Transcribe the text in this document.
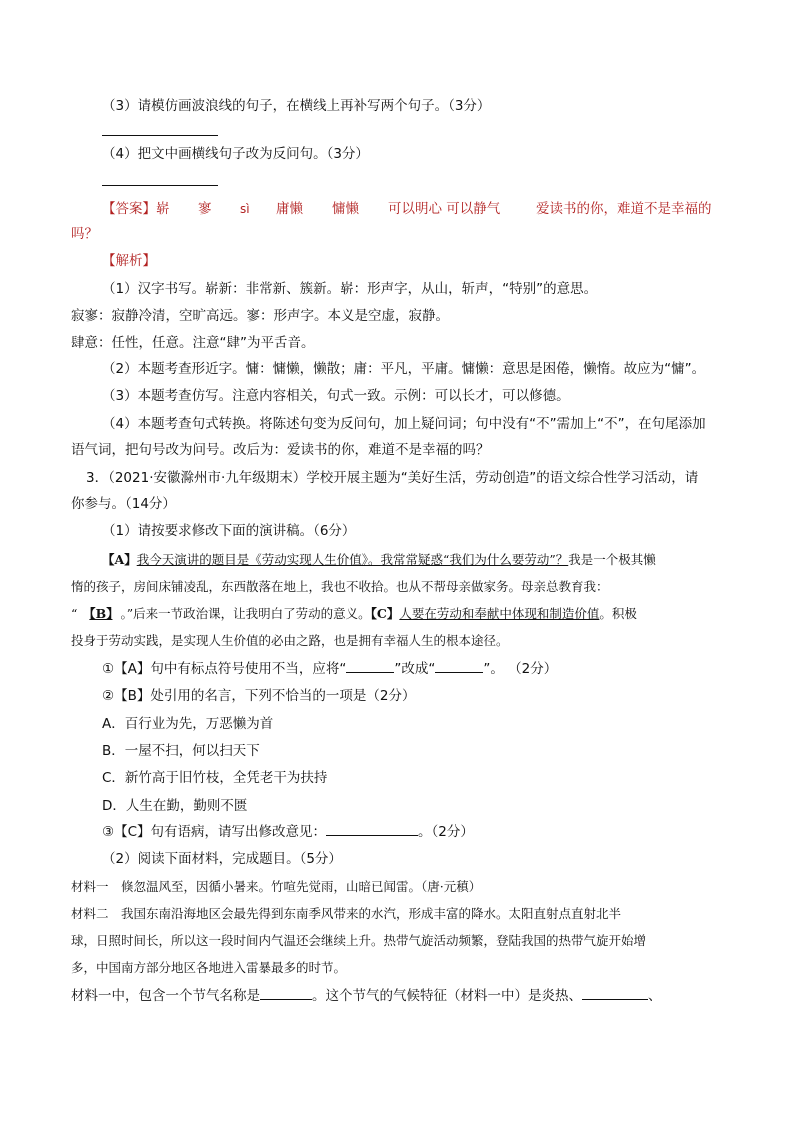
（3）请模仿画波浪线的句子，在横线上再补写两个句子。（3分）
（4）把文中画横线句子改为反问句。（3分）
【答案】 崭 寥 sì 庸懒 慵懒 可以明心 可以静气	爱读书的你，难道不是幸福的
吗？
【解析】
（1）汉字书写。崭新：非常新、簇新。崭：形声字，从山，斩声，“特别”的意思。
寂寥：寂静冷清，空旷高远。寥：形声字。本义是空虚，寂静。
肆意：任性，任意。注意“肆”为平舌音。
（2）本题考查形近字。慵：慵懒，懒散；庸：平凡，平庸。慵懒：意思是困倦，懒惰。故应为“慵”。
（3）本题考查仿写。注意内容相关，句式一致。示例：可以长才，可以修德。
（4）本题考查句式转换。将陈述句变为反问句，加上疑问词；句中没有“不”需加上“不”，在句尾添加
语气词，把句号改为问号。改后为：爱读书的你，难道不是幸福的吗？
3．（2021·安徽滁州市·九年级期末）学校开展主题为“美好生活，劳动创造”的语文综合性学习活动，请
你参与。（14分）
（1）请按要求修改下面的演讲稿。（6分）
【A】我今天演讲的题目是《劳动实现人生价值》。我常常疑惑“我们为什么要劳动”？我是一个极其懒
惰的孩子，房间床铺凌乱，东西散落在地上，我也不收拾。也从不帮母亲做家务。母亲总教育我：
“ 【B】 。”后来一节政治课，让我明白了劳动的意义。【C】人要在劳动和奉献中体现和制造价值。积极
投身于劳动实践，是实现人生价值的必由之路，也是拥有幸福人生的根本途径。
①【A】句中有标点符号使用不当，应将“	”改成“	”。 （2分）
②【B】处引用的名言，下列不恰当的一项是（2分）
A．百行业为先，万恶懒为首
B．一屋不扫，何以扫天下
C．新竹高于旧竹枝，全凭老干为扶持
D．人生在勤，勤则不匮
③【C】句有语病，请写出修改意见：	。（2分）
（2）阅读下面材料，完成题目。（5分）
材料一　倏忽温风至，因循小暑来。竹喧先觉雨，山暗已闻雷。（唐·元稹）
材料二　我国东南沿海地区会最先得到东南季风带来的水汽，形成丰富的降水。太阳直射点直射北半
球，日照时间长，所以这一段时间内气温还会继续上升。热带气旋活动频繁，登陆我国的热带气旋开始增
多，中国南方部分地区各地进入雷暴最多的时节。
材料一中，包含一个节气名称是	。这个节气的气候特征（材料一中）是炎热、	、
